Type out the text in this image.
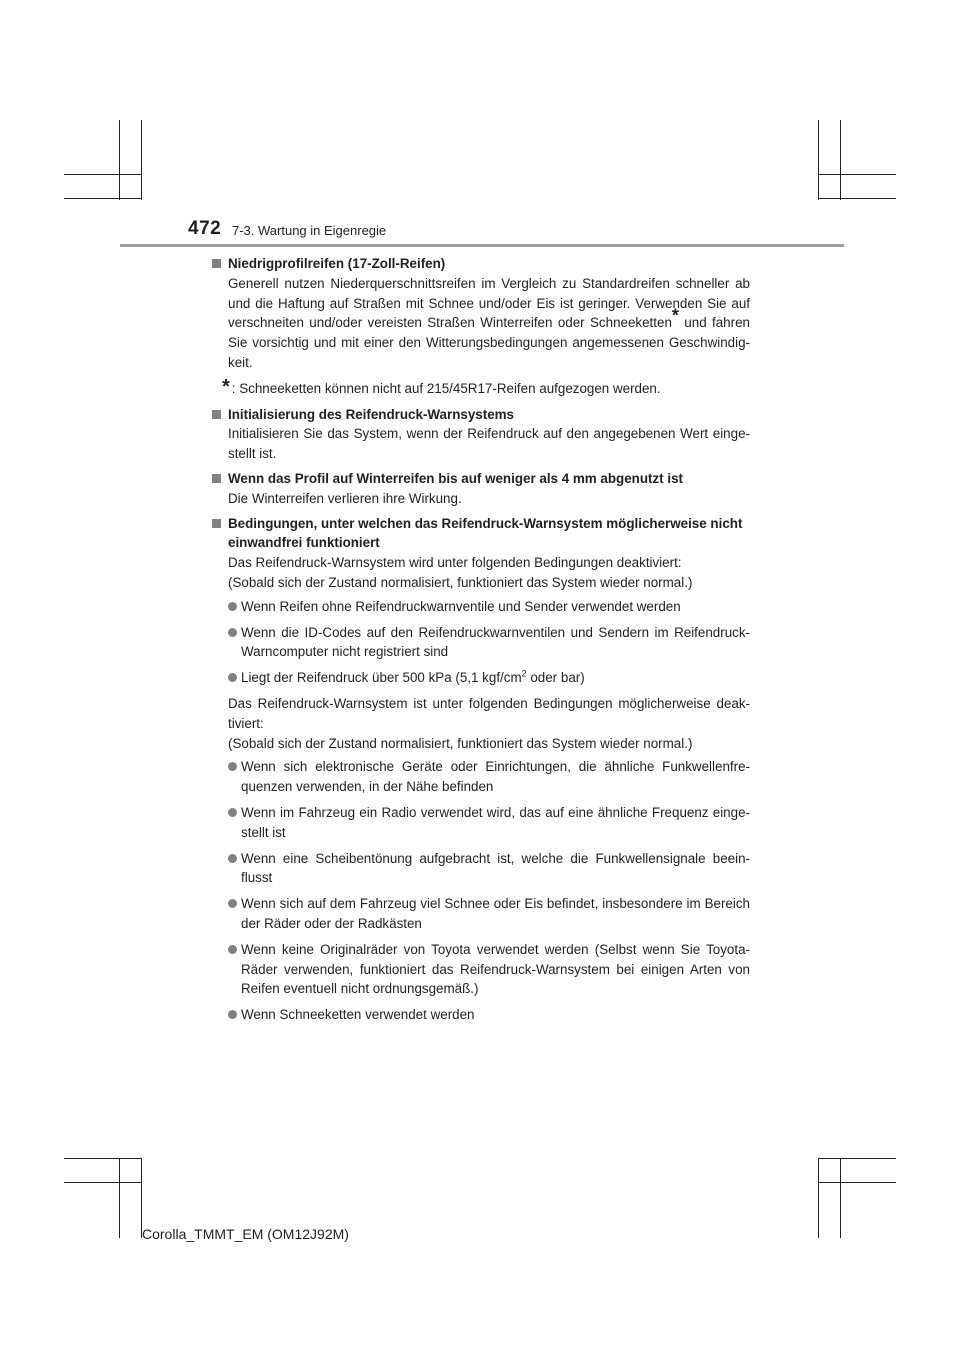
472 7-3. Wartung in Eigenregie
Niedrigprofilreifen (17-Zoll-Reifen)
Generell nutzen Niederquerschnittsreifen im Vergleich zu Standardreifen schneller ab und die Haftung auf Straßen mit Schnee und/oder Eis ist geringer. Verwenden Sie auf verschneiten und/oder vereisten Straßen Winterreifen oder Schneeketten* und fahren Sie vorsichtig und mit einer den Witterungsbedingungen angemessenen Geschwindig-keit.
* : Schneeketten können nicht auf 215/45R17-Reifen aufgezogen werden.
Initialisierung des Reifendruck-Warnsystems
Initialisieren Sie das System, wenn der Reifendruck auf den angegebenen Wert einge-stellt ist.
Wenn das Profil auf Winterreifen bis auf weniger als 4 mm abgenutzt ist
Die Winterreifen verlieren ihre Wirkung.
Bedingungen, unter welchen das Reifendruck-Warnsystem möglicherweise nicht einwandfrei funktioniert
Das Reifendruck-Warnsystem wird unter folgenden Bedingungen deaktiviert:
(Sobald sich der Zustand normalisiert, funktioniert das System wieder normal.)
Wenn Reifen ohne Reifendruckwarnventile und Sender verwendet werden
Wenn die ID-Codes auf den Reifendruckwarnventilen und Sendern im Reifendruck-Warncomputer nicht registriert sind
Liegt der Reifendruck über 500 kPa (5,1 kgf/$cm^2$ oder bar)
Das Reifendruck-Warnsystem ist unter folgenden Bedingungen möglicherweise deak-tiviert:
(Sobald sich der Zustand normalisiert, funktioniert das System wieder normal.)
Wenn sich elektronische Geräte oder Einrichtungen, die ähnliche Funkwellenfre-quenzen verwenden, in der Nähe befinden
Wenn im Fahrzeug ein Radio verwendet wird, das auf eine ähnliche Frequenz einge-stellt ist
Wenn eine Scheibentönung aufgebracht ist, welche die Funkwellensignale beein-flusst
Wenn sich auf dem Fahrzeug viel Schnee oder Eis befindet, insbesondere im Bereich der Räder oder der Radkästen
Wenn keine Originalräder von Toyota verwendet werden (Selbst wenn Sie Toyota-Räder verwenden, funktioniert das Reifendruck-Warnsystem bei einigen Arten von Reifen eventuell nicht ordnungsgemäß.)
Wenn Schneeketten verwendet werden
Corolla_TMMT_EM (OM12J92M)
